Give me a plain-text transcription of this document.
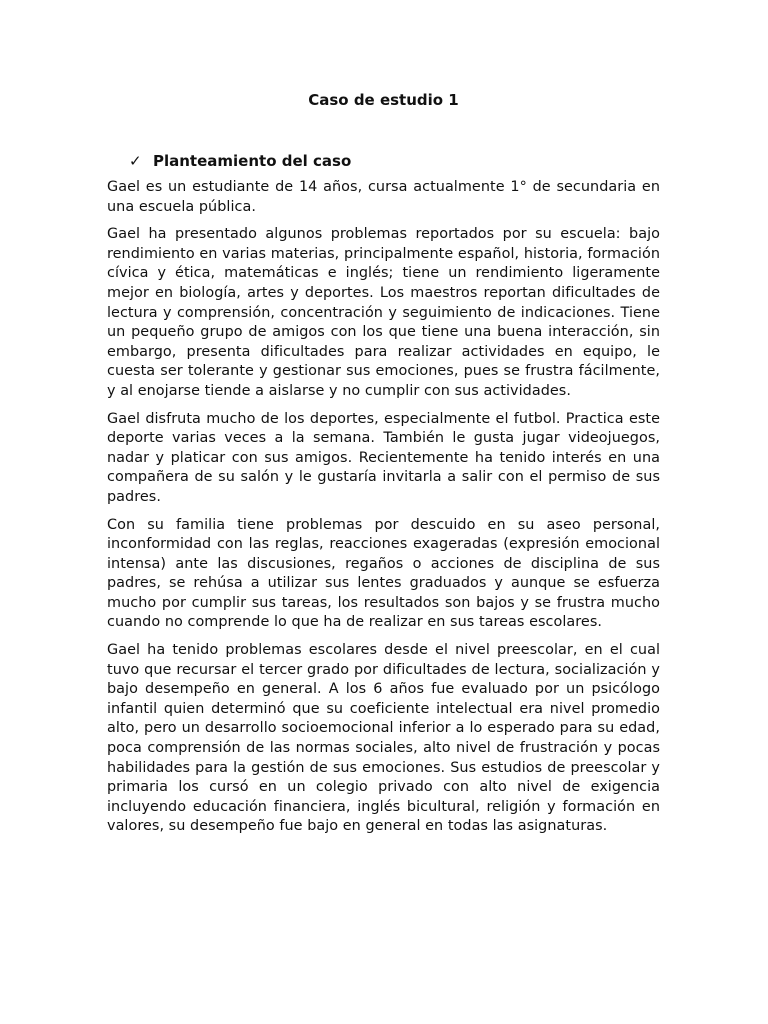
Caso de estudio 1
✓ Planteamiento del caso

Gael es un estudiante de 14 años, cursa actualmente 1° de secundaria en una escuela pública.

Gael ha presentado algunos problemas reportados por su escuela: bajo rendimiento en varias materias, principalmente español, historia, formación cívica y ética, matemáticas e inglés; tiene un rendimiento ligeramente mejor en biología, artes y deportes. Los maestros reportan dificultades de lectura y comprensión, concentración y seguimiento de indicaciones. Tiene un pequeño grupo de amigos con los que tiene una buena interacción, sin embargo, presenta dificultades para realizar actividades en equipo, le cuesta ser tolerante y gestionar sus emociones, pues se frustra fácilmente, y al enojarse tiende a aislarse y no cumplir con sus actividades.

Gael disfruta mucho de los deportes, especialmente el futbol. Practica este deporte varias veces a la semana. También le gusta jugar videojuegos, nadar y platicar con sus amigos. Recientemente ha tenido interés en una compañera de su salón y le gustaría invitarla a salir con el permiso de sus padres.

Con su familia tiene problemas por descuido en su aseo personal, inconformidad con las reglas, reacciones exageradas (expresión emocional intensa) ante las discusiones, regaños o acciones de disciplina de sus padres, se rehúsa a utilizar sus lentes graduados y aunque se esfuerza mucho por cumplir sus tareas, los resultados son bajos y se frustra mucho cuando no comprende lo que ha de realizar en sus tareas escolares.

Gael ha tenido problemas escolares desde el nivel preescolar, en el cual tuvo que recursar el tercer grado por dificultades de lectura, socialización y bajo desempeño en general. A los 6 años fue evaluado por un psicólogo infantil quien determinó que su coeficiente intelectual era nivel promedio alto, pero un desarrollo socioemocional inferior a lo esperado para su edad, poca comprensión de las normas sociales, alto nivel de frustración y pocas habilidades para la gestión de sus emociones. Sus estudios de preescolar y primaria los cursó en un colegio privado con alto nivel de exigencia incluyendo educación financiera, inglés bicultural, religión y formación en valores, su desempeño fue bajo en general en todas las asignaturas.
